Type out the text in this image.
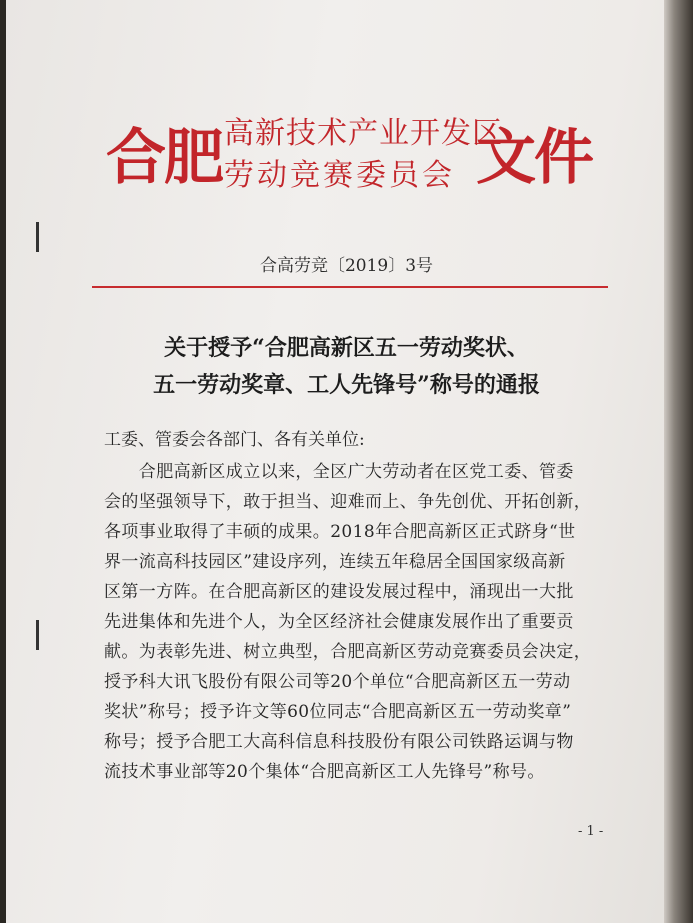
合肥 高新技术产业开发区
劳动竞赛委员会 文件
合高劳竞〔2019〕3号
关于授予“合肥高新区五一劳动奖状、
五一劳动奖章、工人先锋号”称号的通报
工委、管委会各部门、各有关单位:
　　合肥高新区成立以来，全区广大劳动者在区党工委、管委
会的坚强领导下，敢于担当、迎难而上、争先创优、开拓创新，
各项事业取得了丰硕的成果。2018年合肥高新区正式跻身“世
界一流高科技园区”建设序列，连续五年稳居全国国家级高新
区第一方阵。在合肥高新区的建设发展过程中，涌现出一大批
先进集体和先进个人，为全区经济社会健康发展作出了重要贡
献。为表彰先进、树立典型，合肥高新区劳动竞赛委员会决定，
授予科大讯飞股份有限公司等20个单位“合肥高新区五一劳动
奖状”称号；授予许文等60位同志“合肥高新区五一劳动奖章”
称号；授予合肥工大高科信息科技股份有限公司铁路运调与物
流技术事业部等20个集体“合肥高新区工人先锋号”称号。
- 1 -
